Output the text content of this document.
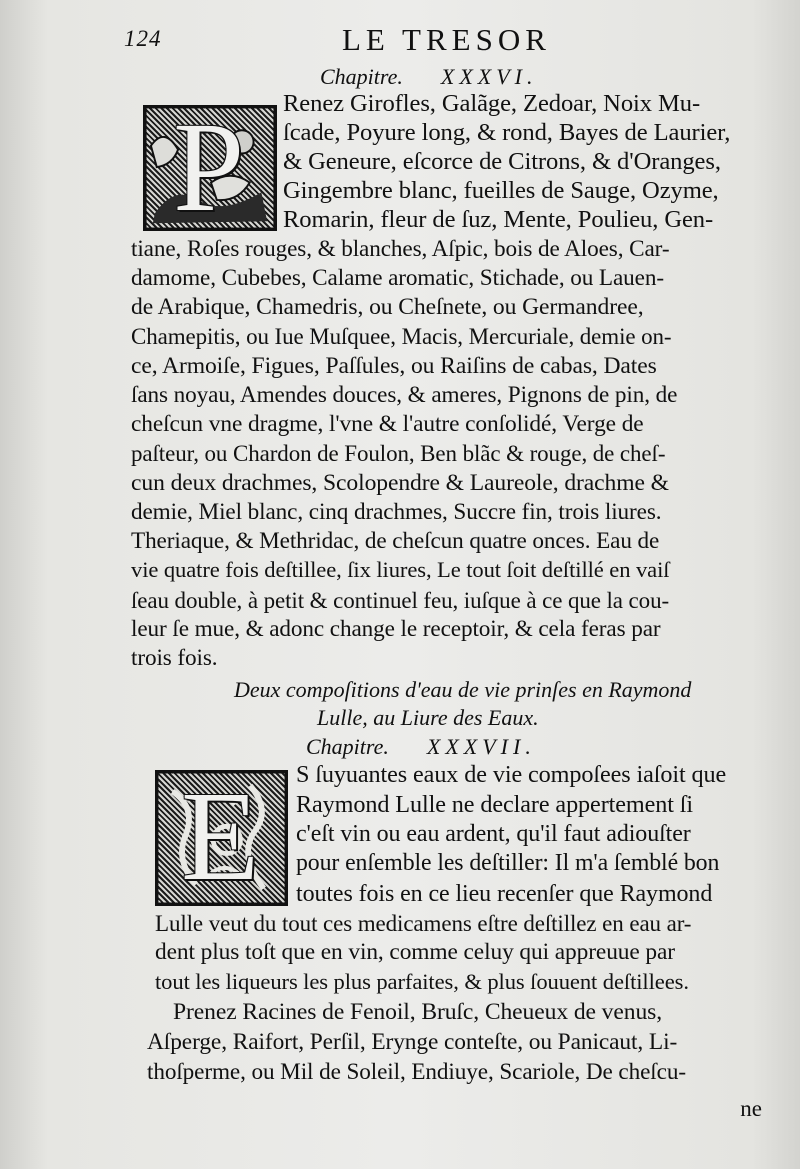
124	LE TRESOR
Chapitre. XXXVI.
P Renez Girofles, Galãge, Zedoar, Noix Mu-
ſcade, Poyure long, & rond, Bayes de Laurier,
& Geneure, eſcorce de Citrons, & d'Oranges,
Gingembre blanc, fueilles de Sauge, Ozyme,
Romarin, fleur de ſuz, Mente, Poulieu, Gen-
tiane, Roſes rouges, & blanches, Aſpic, bois de Aloes, Car-
damome, Cubebes, Calame aromatic, Stichade, ou Lauen-
de Arabique, Chamedris, ou Cheſnete, ou Germandree,
Chamepitis, ou Iue Muſquee, Macis, Mercuriale, demie on-
ce, Armoiſe, Figues, Paſſules, ou Raiſins de cabas, Dates
ſans noyau, Amendes douces, & ameres, Pignons de pin, de
cheſcun vne dragme, l'vne & l'autre conſolidé, Verge de
paſteur, ou Chardon de Foulon, Ben blãc & rouge, de cheſ-
cun deux drachmes, Scolopendre & Laureole, drachme &
demie, Miel blanc, cinq drachmes, Succre fin, trois liures.
Theriaque, & Methridac, de cheſcun quatre onces. Eau de
vie quatre fois deſtillee, ſix liures, Le tout ſoit deſtillé en vaiſ
ſeau double, à petit & continuel feu, iuſque à ce que la cou-
leur ſe mue, & adonc change le receptoir, & cela feras par
trois fois.
Deux compoſitions d'eau de vie prinſes en Raymond
Lulle, au Liure des Eaux.
Chapitre. XXXVII.
E S ſuyuantes eaux de vie compoſees iaſoit que
Raymond Lulle ne declare appertement ſi
c'eſt vin ou eau ardent, qu'il faut adiouſter
pour enſemble les deſtiller: Il m'a ſemblé bon
toutes fois en ce lieu recenſer que Raymond
Lulle veut du tout ces medicamens eſtre deſtillez en eau ar-
dent plus toſt que en vin, comme celuy qui appreuue par
tout les liqueurs les plus parfaites, & plus ſouuent deſtillees.
Prenez Racines de Fenoil, Bruſc, Cheueux de venus,
Aſperge, Raifort, Perſil, Erynge conteſte, ou Panicaut, Li-
thoſperme, ou Mil de Soleil, Endiuye, Scariole, De cheſcu-
ne
